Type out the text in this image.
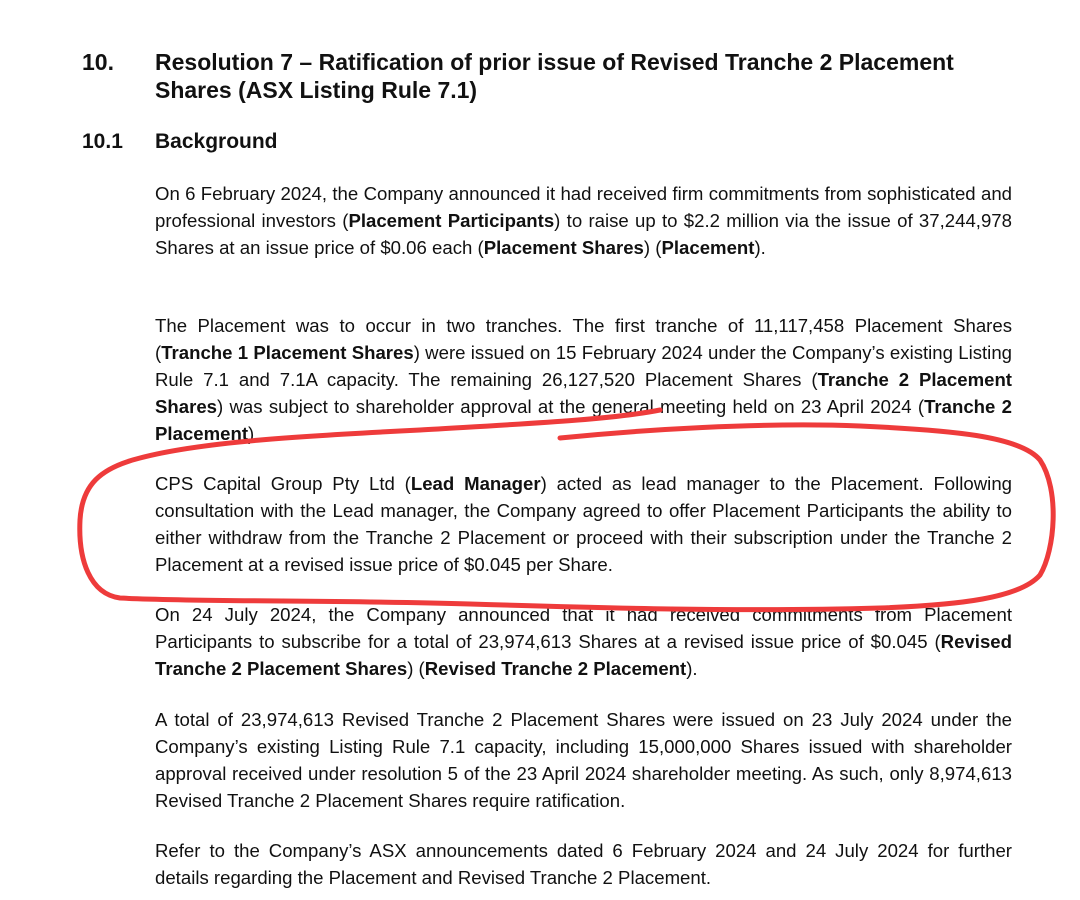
10. Resolution 7 – Ratification of prior issue of Revised Tranche 2 Placement Shares (ASX Listing Rule 7.1)
10.1 Background

On 6 February 2024, the Company announced it had received firm commitments from sophisticated and professional investors (Placement Participants) to raise up to $2.2 million via the issue of 37,244,978 Shares at an issue price of $0.06 each (Placement Shares) (Placement).

The Placement was to occur in two tranches. The first tranche of 11,117,458 Placement Shares (Tranche 1 Placement Shares) were issued on 15 February 2024 under the Company’s existing Listing Rule 7.1 and 7.1A capacity. The remaining 26,127,520 Placement Shares (Tranche 2 Placement Shares) was subject to shareholder approval at the general meeting held on 23 April 2024 (Tranche 2 Placement).

CPS Capital Group Pty Ltd (Lead Manager) acted as lead manager to the Placement. Following consultation with the Lead manager, the Company agreed to offer Placement Participants the ability to either withdraw from the Tranche 2 Placement or proceed with their subscription under the Tranche 2 Placement at a revised issue price of $0.045 per Share.

On 24 July 2024, the Company announced that it had received commitments from Placement Participants to subscribe for a total of 23,974,613 Shares at a revised issue price of $0.045 (Revised Tranche 2 Placement Shares) (Revised Tranche 2 Placement).

A total of 23,974,613 Revised Tranche 2 Placement Shares were issued on 23 July 2024 under the Company’s existing Listing Rule 7.1 capacity, including 15,000,000 Shares issued with shareholder approval received under resolution 5 of the 23 April 2024 shareholder meeting. As such, only 8,974,613 Revised Tranche 2 Placement Shares require ratification.

Refer to the Company’s ASX announcements dated 6 February 2024 and 24 July 2024 for further details regarding the Placement and Revised Tranche 2 Placement.
